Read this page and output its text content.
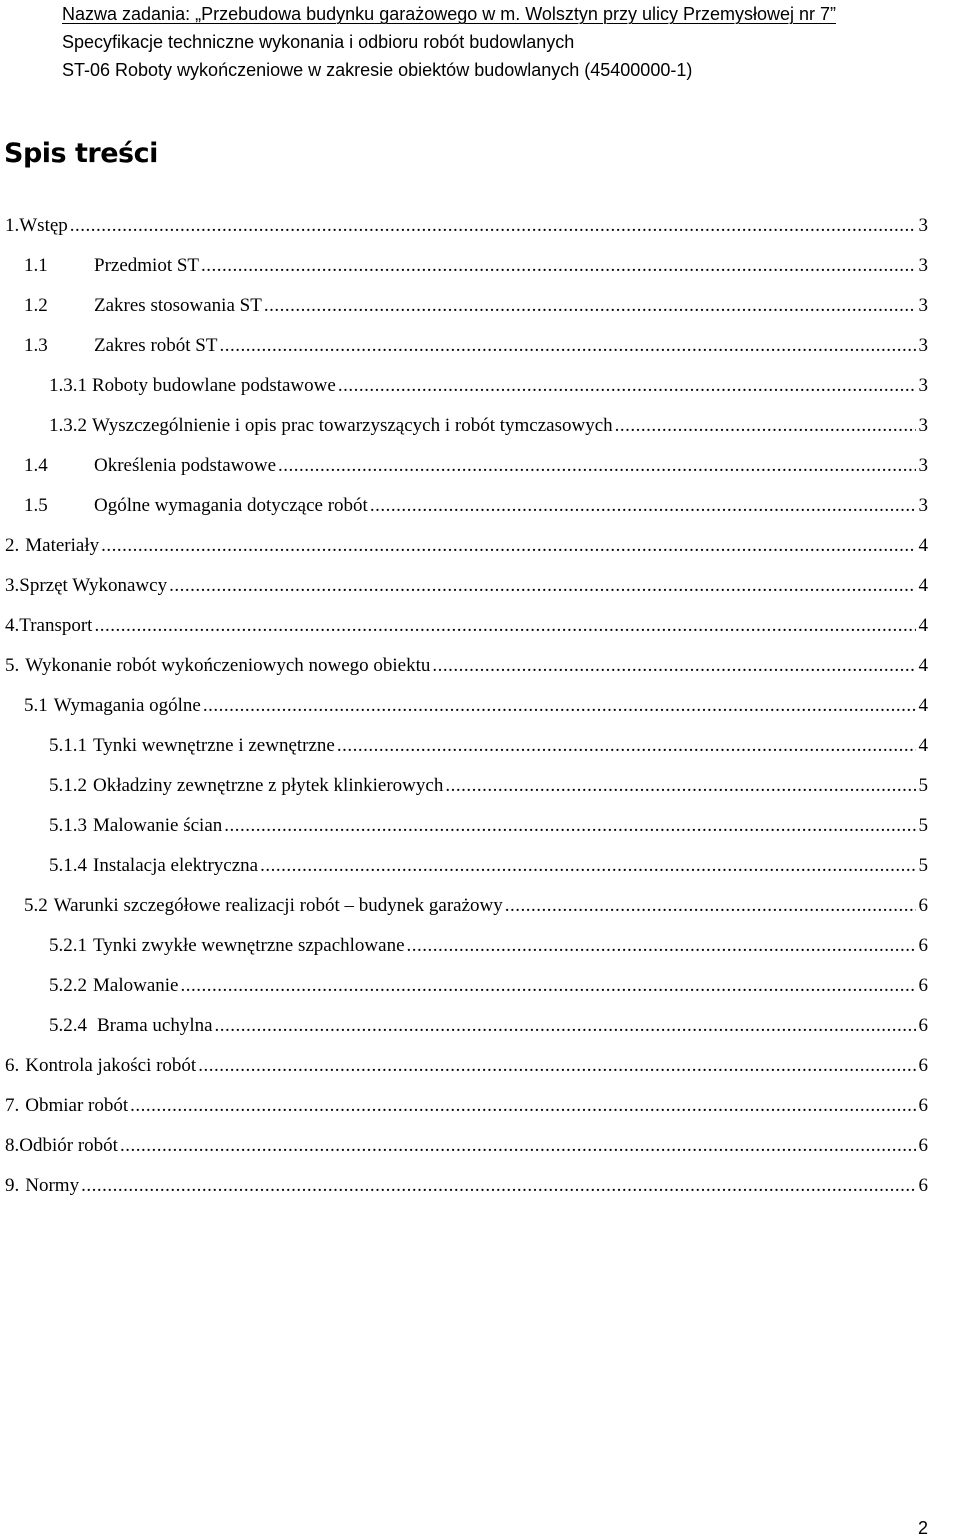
Nazwa zadania: „Przebudowa budynku garażowego w m. Wolsztyn przy ulicy Przemysłowej nr 7”
Specyfikacje techniczne wykonania i odbioru robót budowlanych
ST-06 Roboty wykończeniowe w zakresie obiektów budowlanych (45400000-1)
Spis treści
1. Wstęp .....	3
1.1	Przedmiot ST .....	3
1.2	Zakres stosowania ST .....	3
1.3	Zakres robót ST .....	3
1.3.1 Roboty budowlane podstawowe .....	3
1.3.2 Wyszczególnienie i opis prac towarzyszących i robót tymczasowych .....	3
1.4	Określenia podstawowe .....	3
1.5	Ogólne wymagania dotyczące robót .....	3
2. Materiały .....	4
3. Sprzęt Wykonawcy .....	4
4. Transport .....	4
5. Wykonanie robót wykończeniowych nowego obiektu .....	4
5.1 Wymagania ogólne .....	4
5.1.1 Tynki wewnętrzne i zewnętrzne .....	4
5.1.2 Okładziny zewnętrzne z płytek klinkierowych .....	5
5.1.3 Malowanie ścian .....	5
5.1.4 Instalacja elektryczna .....	5
5.2 Warunki szczegółowe realizacji robót – budynek garażowy .....	6
5.2.1 Tynki zwykłe wewnętrzne szpachlowane .....	6
5.2.2 Malowanie .....	6
5.2.4 Brama uchylna .....	6
6. Kontrola jakości robót .....	6
7. Obmiar robót .....	6
8. Odbiór robót .....	6
9. Normy .....	6
2
